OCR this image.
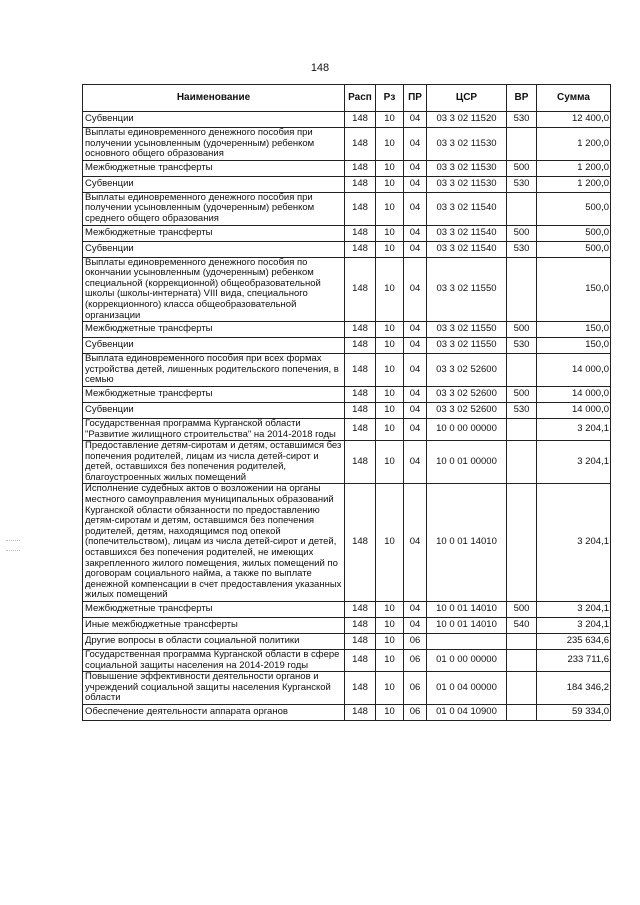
148
Наименование	Расп	Рз	ПР	ЦСР	ВР	Сумма
Субвенции	148	10	04	03 3 02 11520	530	12 400,0
Выплаты единовременного денежного пособия при получении усыновленным (удочеренным) ребенком основного общего образования	148	10	04	03 3 02 11530		1 200,0
Межбюджетные трансферты	148	10	04	03 3 02 11530	500	1 200,0
Субвенции	148	10	04	03 3 02 11530	530	1 200,0
Выплаты единовременного денежного пособия при получении усыновленным (удочеренным) ребенком среднего общего образования	148	10	04	03 3 02 11540		500,0
Межбюджетные трансферты	148	10	04	03 3 02 11540	500	500,0
Субвенции	148	10	04	03 3 02 11540	530	500,0
Выплаты единовременного денежного пособия по окончании усыновленным (удочеренным) ребенком специальной (коррекционной) общеобразовательной школы (школы-интерната) VIII вида, специального (коррекционного) класса общеобразовательной организации	148	10	04	03 3 02 11550		150,0
Межбюджетные трансферты	148	10	04	03 3 02 11550	500	150,0
Субвенции	148	10	04	03 3 02 11550	530	150,0
Выплата единовременного пособия при всех формах устройства детей, лишенных родительского попечения, в семью	148	10	04	03 3 02 52600		14 000,0
Межбюджетные трансферты	148	10	04	03 3 02 52600	500	14 000,0
Субвенции	148	10	04	03 3 02 52600	530	14 000,0
Государственная программа Курганской области "Развитие жилищного строительства" на 2014-2018 годы	148	10	04	10 0 00 00000		3 204,1
Предоставление детям-сиротам и детям, оставшимся без попечения родителей, лицам из числа детей-сирот и детей, оставшихся без попечения родителей, благоустроенных жилых помещений	148	10	04	10 0 01 00000		3 204,1
Исполнение судебных актов о возложении на органы местного самоуправления муниципальных образований Курганской области обязанности по предоставлению детям-сиротам и детям, оставшимся без попечения родителей, детям, находящимся под опекой (попечительством), лицам из числа детей-сирот и детей, оставшихся без попечения родителей, не имеющих закрепленного жилого помещения, жилых помещений по договорам социального найма, а также по выплате денежной компенсации в счет предоставления указанных жилых помещений	148	10	04	10 0 01 14010		3 204,1
Межбюджетные трансферты	148	10	04	10 0 01 14010	500	3 204,1
Иные межбюджетные трансферты	148	10	04	10 0 01 14010	540	3 204,1
Другие вопросы в области социальной политики	148	10	06			235 634,6
Государственная программа Курганской области в сфере социальной защиты населения на 2014-2019 годы	148	10	06	01 0 00 00000		233 711,6
Повышение эффективности деятельности органов и учреждений социальной защиты населения Курганской области	148	10	06	01 0 04 00000		184 346,2
Обеспечение деятельности аппарата органов	148	10	06	01 0 04 10900		59 334,0
